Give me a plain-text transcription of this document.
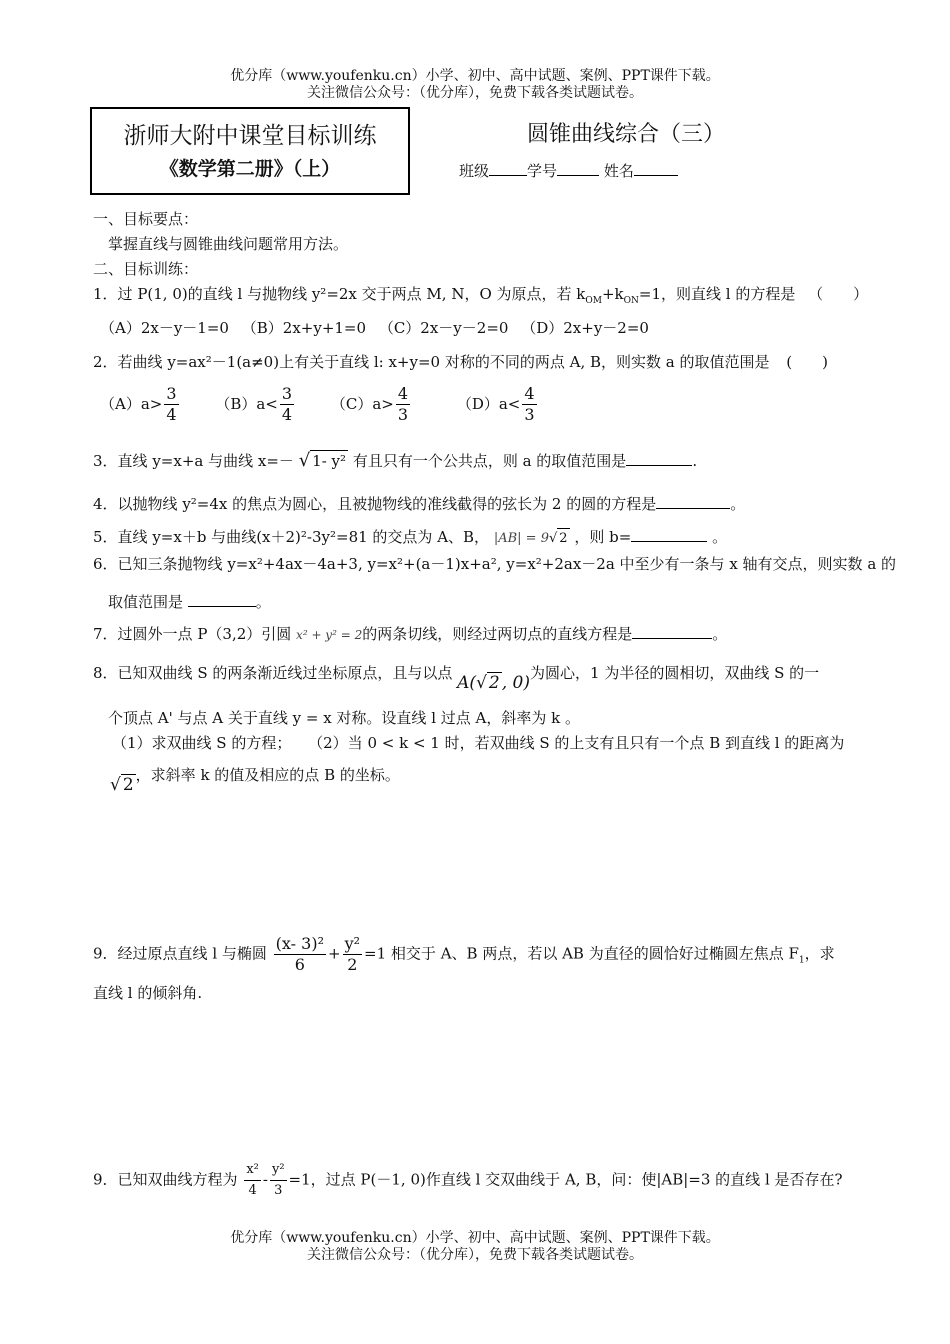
优分库（www.youfenku.cn）小学、初中、高中试题、案例、PPT课件下载。
关注微信公众号：（优分库），免费下载各类试题试卷。
浙师大附中课堂目标训练
《数学第二册》（上）
圆锥曲线综合（三）
班级	学号	姓名
一、目标要点：
掌握直线与圆锥曲线问题常用方法。
二、目标训练：
1．过 P(1, 0)的直线 l 与抛物线 y²=2x 交于两点 M, N，O 为原点，若 $k_{OM}+k_{ON}=1$，则直线 l 的方程是 （　　）
（A）2x－y－1=0 （B）2x+y+1=0 （C）2x－y－2=0 （D）2x+y－2=0
2．若曲线 y=ax²－1(a≠0)上有关于直线 l: x+y=0 对称的不同的两点 A, B，则实数 a 的取值范围是 (　　)
$(A)a> \frac{3}{4} (B)a< \frac{3}{4} (C)a> \frac{4}{3}$	$(D)a< \frac{4}{3}$
3．直线 y=x+a 与曲线 x=－ √ 1- y² 有且只有一个公共点，则 a 的取值范围是	.
4．以抛物线 y²=4x 的焦点为圆心，且被抛物线的准线截得的弦长为 2 的圆的方程是	。
5．直线 y=x＋b 与曲线(x＋2)²-3y²=81 的交点为 A、B， |AB| = 9√ 2 ，则 b=	。
6．已知三条抛物线 y=x²+4ax－4a+3, y=x²+(a－1)x+a², y=x²+2ax－2a 中至少有一条与 x 轴有交点，则实数 a 的
取值范围是	。
7．过圆外一点 P（3,2）引圆 x² + y² = 2的两条切线，则经过两切点的直线方程是	。
8．已知双曲线 S 的两条渐近线过坐标原点，且与以点 A(√ 2 , 0)为圆心，1 为半径的圆相切，双曲线 S 的一
个顶点 A' 与点 A 关于直线 y = x 对称。设直线 l 过点 A，斜率为 k 。
（1）求双曲线 S 的方程； （2）当 0 < k < 1 时，若双曲线 S 的上支有且只有一个点 B 到直线 l 的距离为
√ 2 ，求斜率 k 的值及相应的点 B 的坐标。
9．经过原点直线 l 与椭圆 $\frac{\text{(x- 3)²}}{6} + \frac{\text{y²}}{2} =1$ 相交于 A、B 两点，若以 AB 为直径的圆恰好过椭圆左焦点 $F_1$，求
直线 l 的倾斜角.
9．已知双曲线方程为 $\frac{\text{x²}}{4} - \frac{\text{y²}}{3} =1$，过点 P(－1, 0)作直线 l 交双曲线于 A, B，问：使|AB|=3 的直线 l 是否存在?
优分库（www.youfenku.cn）小学、初中、高中试题、案例、PPT课件下载。
关注微信公众号：（优分库），免费下载各类试题试卷。
